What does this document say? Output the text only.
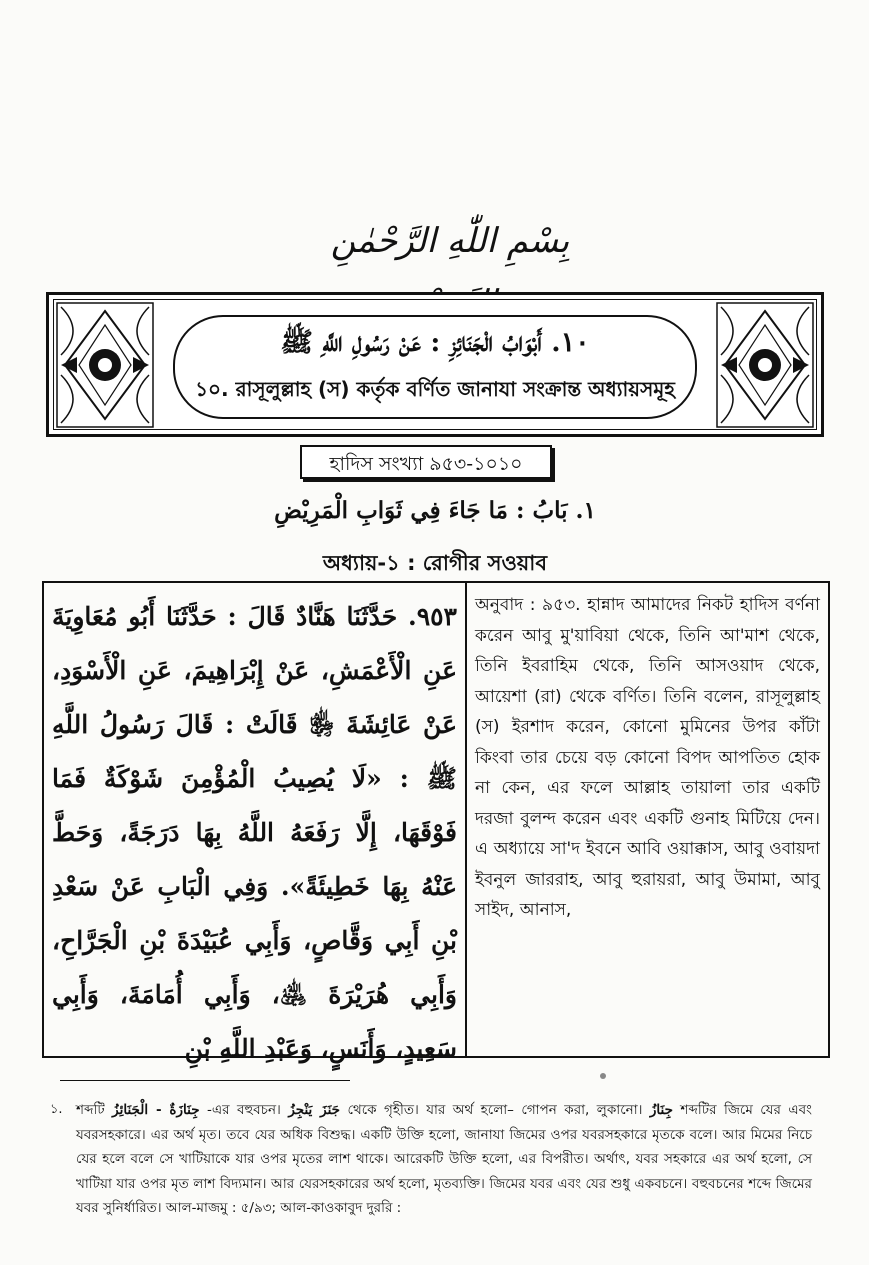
بِسْمِ اللّٰهِ الرَّحْمٰنِ
١٠. أَبْوَابُ الْجَنَائِزِ : عَنْ رَسُولِ اللَّهِ ﷺ
১০. রাসূলুল্লাহ (স) কর্তৃক বর্ণিত জানাযা সংক্রান্ত অধ্যায়সমূহ
হাদিস সংখ্যা ৯৫৩-১০১০
١. بَابُ : مَا جَاءَ فِي ثَوَابِ الْمَرِيْضِ
অধ্যায়-১ : রোগীর সওয়াব
٩٥٣. حَدَّثَنَا هَنَّادٌ قَالَ : حَدَّثَنَا أَبُو مُعَاوِيَةَ عَنِ الْأَعْمَشِ، عَنْ إِبْرَاهِيمَ، عَنِ الْأَسْوَدِ، عَنْ عَائِشَةَ ﵂ قَالَتْ : قَالَ رَسُولُ اللَّهِ ﷺ : «لَا يُصِيبُ الْمُؤْمِنَ شَوْكَةٌ فَمَا فَوْقَهَا، إِلَّا رَفَعَهُ اللَّهُ بِهَا دَرَجَةً، وَحَطَّ عَنْهُ بِهَا خَطِيئَةً». وَفِي الْبَابِ عَنْ سَعْدِ بْنِ أَبِي وَقَّاصٍ، وَأَبِي عُبَيْدَةَ بْنِ الْجَرَّاحِ، وَأَبِي هُرَيْرَةَ ﵁، وَأَبِي أُمَامَةَ، وَأَبِي سَعِيدٍ، وَأَنَسٍ، وَعَبْدِ اللَّهِ بْنِ
অনুবাদ : ৯৫৩. হান্নাদ আমাদের নিকট হাদিস বর্ণনা করেন আবু মু'য়াবিয়া থেকে, তিনি আ'মাশ থেকে, তিনি ইবরাহিম থেকে, তিনি আসওয়াদ থেকে, আয়েশা (রা) থেকে বর্ণিত। তিনি বলেন, রাসূলুল্লাহ (স) ইরশাদ করেন, কোনো মুমিনের উপর কাঁটা কিংবা তার চেয়ে বড় কোনো বিপদ আপতিত হোক না কেন, এর ফলে আল্লাহ তায়ালা তার একটি দরজা বুলন্দ করেন এবং একটি গুনাহ মিটিয়ে দেন। এ অধ্যায়ে সা'দ ইবনে আবি ওয়াক্কাস, আবু ওবায়দা ইবনুল জাররাহ, আবু হুরায়রা, আবু উমামা, আবু সাইদ, আনাস,
১. শব্দটি جِنَازَةٌ - الْجَنَائِزُ -এর বহুবচন। جَنَزَ يَنْجِزُ থেকে গৃহীত। যার অর্থ হলো– গোপন করা, লুকানো। جِنَازُ শব্দটির জিমে যের এবং যবরসহকারে। এর অর্থ মৃত। তবে যের অধিক বিশুদ্ধ। একটি উক্তি হলো, জানাযা জিমের ওপর যবরসহকারে মৃতকে বলে। আর মিমের নিচে যের হলে বলে সে খাটিয়াকে যার ওপর মৃতের লাশ থাকে। আরেকটি উক্তি হলো, এর বিপরীত। অর্থাৎ, যবর সহকারে এর অর্থ হলো, সে খাটিয়া যার ওপর মৃত লাশ বিদ্যমান। আর যেরসহকারের অর্থ হলো, মৃতব্যক্তি। জিমের যবর এবং যের শুধু একবচনে। বহুবচনের শব্দে জিমের যবর সুনির্ধারিত। আল-মাজমু : ৫/৯৩; আল-কাওকাবুদ দুররি :
